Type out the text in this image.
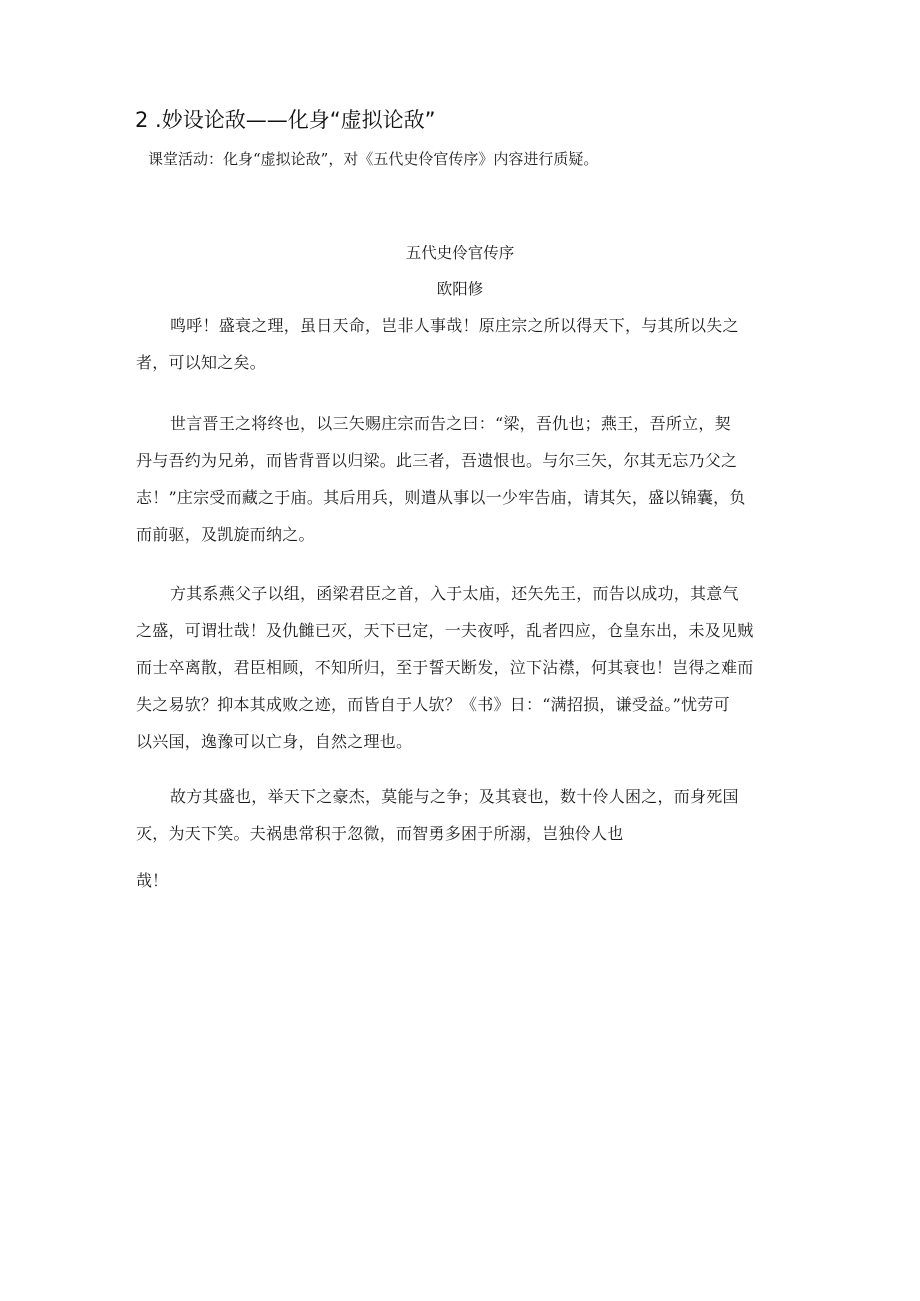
2 .妙设论敌——化身“虚拟论敌”
课堂活动：化身“虚拟论敌”，对《五代史伶官传序》内容进行质疑。
五代史伶官传序
欧阳修
鸣呼！盛衰之理，虽日天命，岂非人事哉！原庄宗之所以得天下，与其所以失之
者，可以知之矣。
世言晋王之将终也，以三矢赐庄宗而告之曰：“梁，吾仇也；燕王，吾所立，契
丹与吾约为兄弟，而皆背晋以归梁。此三者，吾遗恨也。与尔三矢，尔其无忘乃父之
志！”庄宗受而藏之于庙。其后用兵，则遣从事以一少牢告庙，请其矢，盛以锦囊，负
而前驱，及凯旋而纳之。
方其系燕父子以组，函梁君臣之首，入于太庙，还矢先王，而告以成功，其意气
之盛，可谓壮哉！及仇雠已灭，天下已定，一夫夜呼，乱者四应，仓皇东出，未及见贼
而士卒离散，君臣相顾，不知所归，至于誓天断发，泣下沾襟，何其衰也！岂得之难而
失之易欤？抑本其成败之迹，而皆自于人欤？《书》日：“满招损，谦受益。”忧劳可
以兴国，逸豫可以亡身，自然之理也。
故方其盛也，举天下之豪杰，莫能与之争；及其衰也，数十伶人困之，而身死国
灭，为天下笑。夫祸患常积于忽微，而智勇多困于所溺，岂独伶人也
哉！
